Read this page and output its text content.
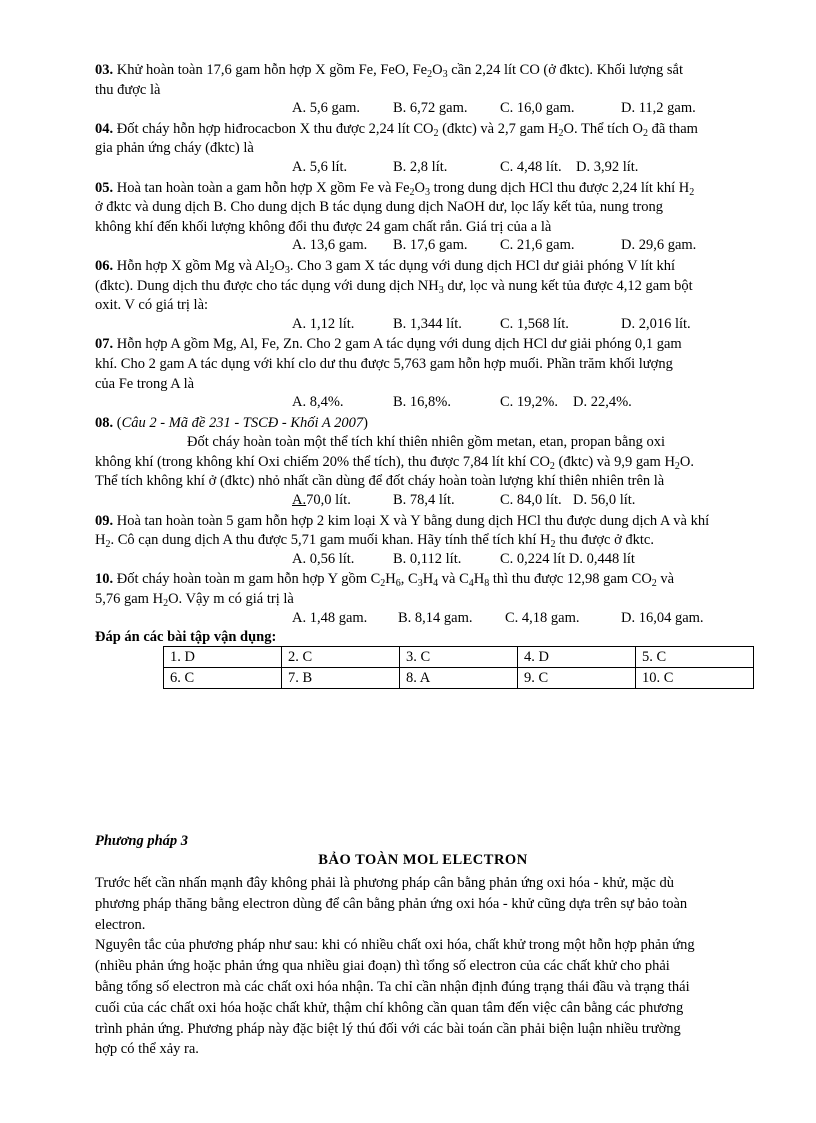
03. Khử hoàn toàn 17,6 gam hỗn hợp X gồm Fe, FeO, $Fe_2O_3$ cần 2,24 lít CO (ở đktc). Khối lượng sắt
thu được là
A. 5,6 gam. B. 6,72 gam. C. 16,0 gam.	D. 11,2 gam.
04. Đốt cháy hỗn hợp hiđrocacbon X thu được 2,24 lít $CO_2$ (đktc) và 2,7 gam $H_2O$. Thể tích $O_2$ đã tham
gia phản ứng cháy (đktc) là
A. 5,6 lít.	B. 2,8 lít.	C. 4,48 lít. D. 3,92 lít.
05. Hoà tan hoàn toàn a gam hỗn hợp X gồm Fe và $Fe_2O_3$ trong dung dịch HCl thu được 2,24 lít khí $H_2$
ở đktc và dung dịch B. Cho dung dịch B tác dụng dung dịch NaOH dư, lọc lấy kết tủa, nung trong
không khí đến khối lượng không đổi thu được 24 gam chất rắn. Giá trị của a là
A. 13,6 gam. B. 17,6 gam. C. 21,6 gam.	D. 29,6 gam.
06. Hỗn hợp X gồm Mg và $Al_2O_3$. Cho 3 gam X tác dụng với dung dịch HCl dư giải phóng V lít khí
(đktc). Dung dịch thu được cho tác dụng với dung dịch $NH_3$ dư, lọc và nung kết tủa được 4,12 gam bột
oxit. V có giá trị là:
A. 1,12 lít.	B. 1,344 lít.	C. 1,568 lít.	D. 2,016 lít.
07. Hỗn hợp A gồm Mg, Al, Fe, Zn. Cho 2 gam A tác dụng với dung dịch HCl dư giải phóng 0,1 gam
khí. Cho 2 gam A tác dụng với khí clo dư thu được 5,763 gam hỗn hợp muối. Phần trăm khối lượng
của Fe trong A là
A. 8,4%.	B. 16,8%.	C. 19,2%. D. 22,4%.
08. (Câu 2 - Mã đề 231 - TSCĐ - Khối A 2007)
Đốt cháy hoàn toàn một thể tích khí thiên nhiên gồm metan, etan, propan bằng oxi
không khí (trong không khí Oxi chiếm 20% thể tích), thu được 7,84 lít khí $CO_2$ (đktc) và 9,9 gam $H_2O$.
Thể tích không khí ở (đktc) nhỏ nhất cần dùng để đốt cháy hoàn toàn lượng khí thiên nhiên trên là
A. 70,0 lít.	B. 78,4 lít.	C. 84,0 lít. D. 56,0 lít.
09. Hoà tan hoàn toàn 5 gam hỗn hợp 2 kim loại X và Y bằng dung dịch HCl thu được dung dịch A và khí
$H_2$. Cô cạn dung dịch A thu được 5,71 gam muối khan. Hãy tính thể tích khí $H_2$ thu được ở đktc.
A. 0,56 lít.	B. 0,112 lít.	C. 0,224 lít D. 0,448 lít
10. Đốt cháy hoàn toàn m gam hỗn hợp Y gồm $C_2H_6$, $C_3H_4$ và $C_4H_8$ thì thu được 12,98 gam $CO_2$ và
5,76 gam $H_2O$. Vậy m có giá trị là
A. 1,48 gam. B. 8,14 gam. C. 4,18 gam.	D. 16,04 gam.
Đáp án các bài tập vận dụng:
1. D	2. C	3. C	4. D	5. C
6. C	7. B	8. A	9. C	10. C
Phương pháp 3
BẢO TOÀN MOL ELECTRON
Trước hết cần nhấn mạnh đây không phải là phương pháp cân bằng phản ứng oxi hóa - khử, mặc dù
phương pháp thăng bằng electron dùng để cân bằng phản ứng oxi hóa - khử cũng dựa trên sự bảo toàn
electron.
Nguyên tắc của phương pháp như sau: khi có nhiều chất oxi hóa, chất khử trong một hỗn hợp phản ứng
(nhiều phản ứng hoặc phản ứng qua nhiều giai đoạn) thì tổng số electron của các chất khử cho phải
bằng tổng số electron mà các chất oxi hóa nhận. Ta chỉ cần nhận định đúng trạng thái đầu và trạng thái
cuối của các chất oxi hóa hoặc chất khử, thậm chí không cần quan tâm đến việc cân bằng các phương
trình phản ứng. Phương pháp này đặc biệt lý thú đối với các bài toán cần phải biện luận nhiều trường
hợp có thể xảy ra.
